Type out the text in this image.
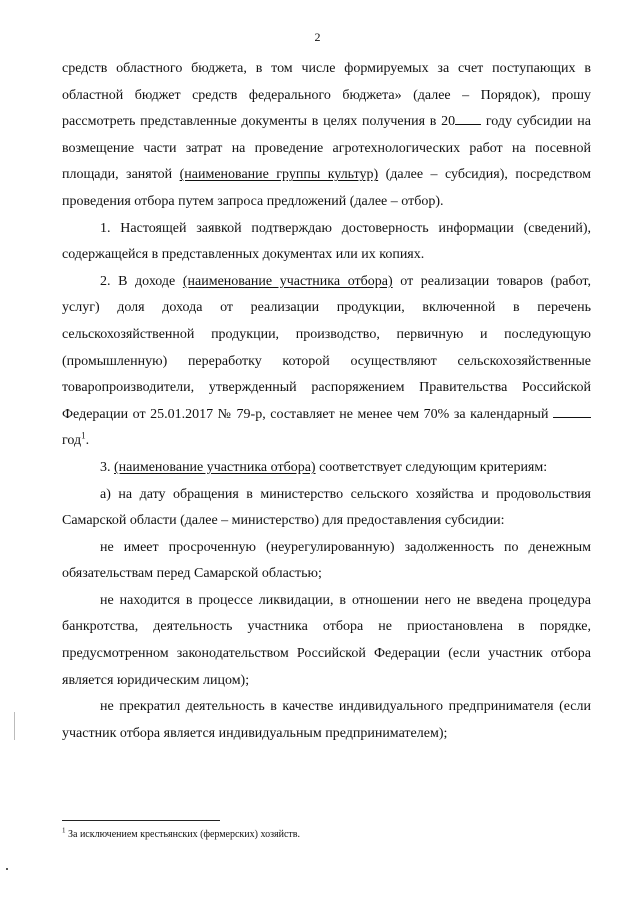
2

средств областного бюджета, в том числе формируемых за счет поступающих в областной бюджет средств федерального бюджета» (далее – Порядок), прошу рассмотреть представленные документы в целях получения в 20 году субсидии на возмещение части затрат на проведение агротехнологических работ на посевной площади, занятой (наименование группы культур) (далее – субсидия), посредством проведения отбора путем запроса предложений (далее – отбор).

1. Настоящей заявкой подтверждаю достоверность информации (сведений), содержащейся в представленных документах или их копиях.

2. В доходе (наименование участника отбора) от реализации товаров (работ, услуг) доля дохода от реализации продукции, включенной в перечень сельскохозяйственной продукции, производство, первичную и последующую (промышленную) переработку которой осуществляют сельскохозяйственные товаропроизводители, утвержденный распоряжением Правительства Российской Федерации от 25.01.2017 № 79-р, составляет не менее чем 70% за календарный  год$^1$.

3. (наименование участника отбора) соответствует следующим критериям:

а) на дату обращения в министерство сельского хозяйства и продовольствия Самарской области (далее – министерство) для предоставления субсидии:

не имеет просроченную (неурегулированную) задолженность по денежным обязательствам перед Самарской областью;

не находится в процессе ликвидации, в отношении него не введена процедура банкротства, деятельность участника отбора не приостановлена в порядке, предусмотренном законодательством Российской Федерации (если участник отбора является юридическим лицом);

не прекратил деятельность в качестве индивидуального предпринимателя (если участник отбора является индивидуальным предпринимателем);

$^1$ За исключением крестьянских (фермерских) хозяйств.
